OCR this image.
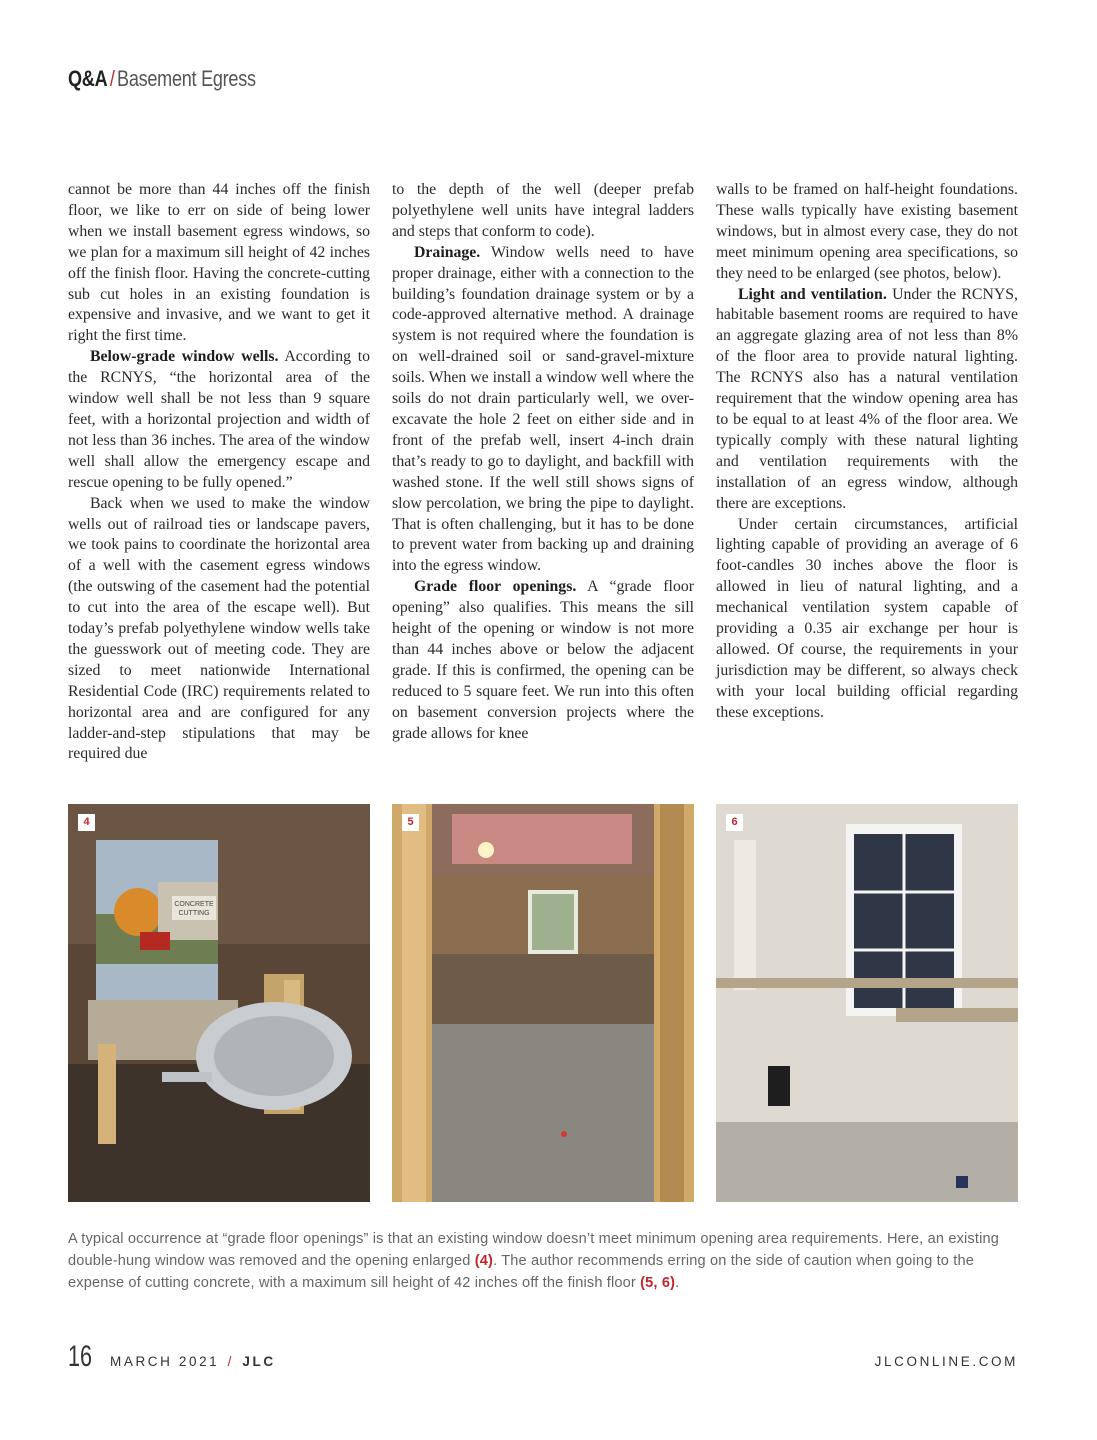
Q&A / Basement Egress

cannot be more than 44 inches off the finish floor, we like to err on side of being lower when we install basement egress windows, so we plan for a maximum sill height of 42 inches off the finish floor. Having the concrete-cutting sub cut holes in an existing foundation is expensive and invasive, and we want to get it right the first time.

Below-grade window wells. According to the RCNYS, “the horizontal area of the window well shall be not less than 9 square feet, with a horizontal projection and width of not less than 36 inches. The area of the window well shall allow the emergency escape and rescue opening to be fully opened.”

Back when we used to make the window wells out of railroad ties or landscape pavers, we took pains to coordinate the horizontal area of a well with the casement egress windows (the outswing of the casement had the potential to cut into the area of the escape well). But today’s prefab polyethylene window wells take the guesswork out of meeting code. They are sized to meet nationwide International Residential Code (IRC) requirements related to horizontal area and are configured for any ladder-and-step stipulations that may be required due

to the depth of the well (deeper prefab polyethylene well units have integral ladders and steps that conform to code).

Drainage. Window wells need to have proper drainage, either with a connection to the building’s foundation drainage system or by a code-approved alternative method. A drainage system is not required where the foundation is on well-drained soil or sand-gravel-mixture soils. When we install a window well where the soils do not drain particularly well, we over-excavate the hole 2 feet on either side and in front of the prefab well, insert 4-inch drain that’s ready to go to daylight, and backfill with washed stone. If the well still shows signs of slow percolation, we bring the pipe to daylight. That is often challenging, but it has to be done to prevent water from backing up and draining into the egress window.

Grade floor openings. A “grade floor opening” also qualifies. This means the sill height of the opening or window is not more than 44 inches above or below the adjacent grade. If this is confirmed, the opening can be reduced to 5 square feet. We run into this often on basement conversion projects where the grade allows for knee

walls to be framed on half-height foundations. These walls typically have existing basement windows, but in almost every case, they do not meet minimum opening area specifications, so they need to be enlarged (see photos, below).

Light and ventilation. Under the RCNYS, habitable basement rooms are required to have an aggregate glazing area of not less than 8% of the floor area to provide natural lighting. The RCNYS also has a natural ventilation requirement that the window opening area has to be equal to at least 4% of the floor area. We typically comply with these natural lighting and ventilation requirements with the installation of an egress window, although there are exceptions.

Under certain circumstances, artificial lighting capable of providing an average of 6 foot-candles 30 inches above the floor is allowed in lieu of natural lighting, and a mechanical ventilation system capable of providing a 0.35 air exchange per hour is allowed. Of course, the requirements in your jurisdiction may be different, so always check with your local building official regarding these exceptions.

CONCRETE
CUTTING
4	5	6
A typical occurrence at “grade floor openings” is that an existing window doesn’t meet minimum opening area requirements. Here, an existing double-hung window was removed and the opening enlarged (4). The author recommends erring on the side of caution when going to the expense of cutting concrete, with a maximum sill height of 42 inches off the finish floor (5, 6).
16 MARCH 2021 / JLC	JLCONLINE.COM
